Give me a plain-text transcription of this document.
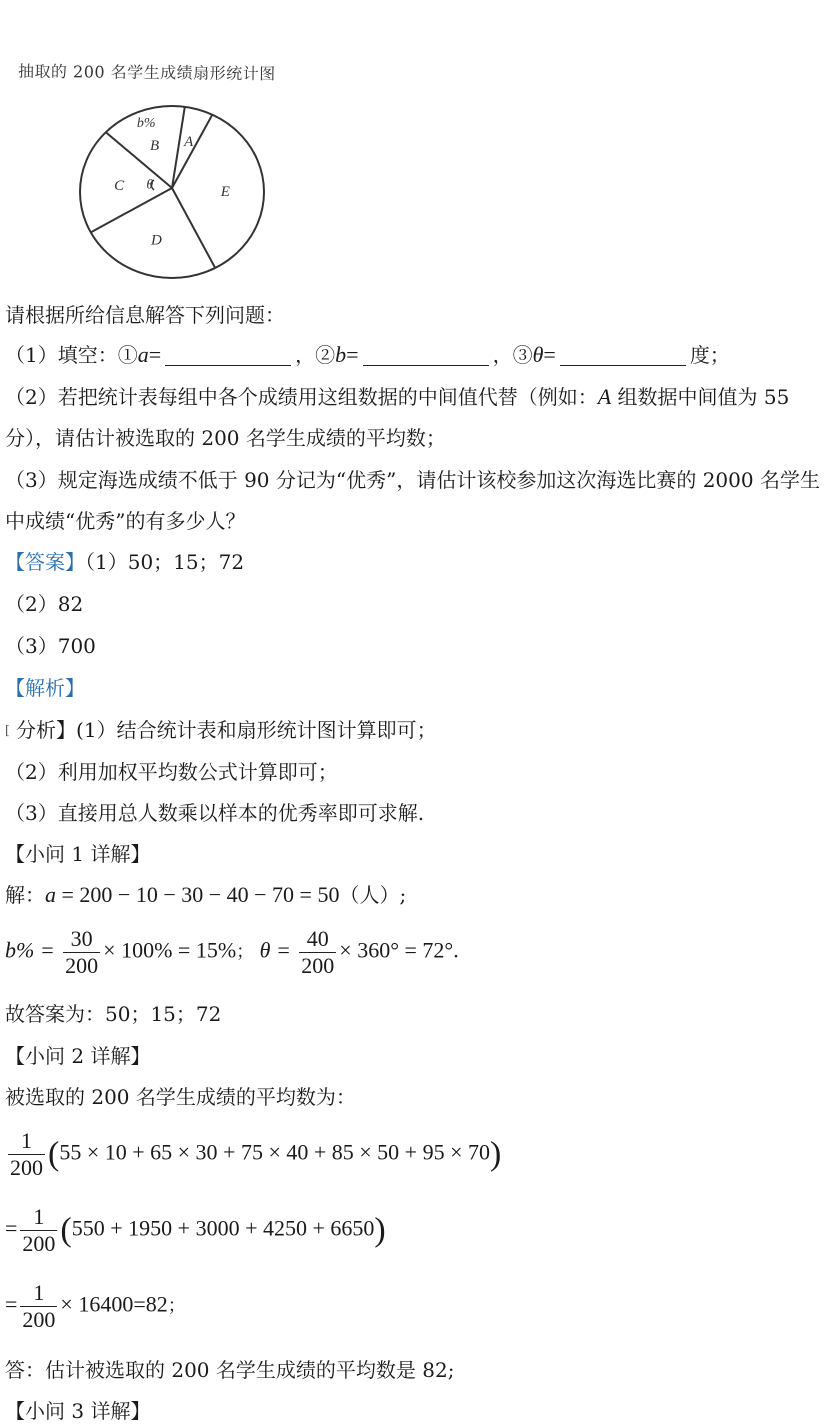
抽取的 200 名学生成绩扇形统计图
A
E
D
C θ
B
b%
请根据所给信息解答下列问题：
（1）填空：①a=	，②b=	，③θ=	度；
（2）若把统计表每组中各个成绩用这组数据的中间值代替（例如：A 组数据中间值为 55
分），请估计被选取的 200 名学生成绩的平均数；
（3）规定海选成绩不低于 90 分记为“优秀”，请估计该校参加这次海选比赛的 2000 名学生
中成绩“优秀”的有多少人？
【答案】（1）50；15；72
（2）82
（3）700
【解析】
[ 分析】(1）结合统计表和扇形统计图计算即可；
（2）利用加权平均数公式计算即可；
（3）直接用总人数乘以样本的优秀率即可求解.
【小问 1 详解】
解：a = 200 − 10 − 30 − 40 − 70 = 50（人）;
$b\% = \frac{30}{200} \times 100\% = 15\%$； $\theta = \frac{40}{200} \times 360^\circ = 72^\circ$.
故答案为：50；15；72
【小问 2 详解】
被选取的 200 名学生成绩的平均数为：
$\frac{1}{200} (55 \times 10 + 65 \times 30 + 75 \times 40 + 85 \times 50 + 95 \times 70)$
= $\frac{1}{200} (550 + 1950 + 3000 + 4250 + 6650)$
= $\frac{1}{200} \times 16400=82$；
答：估计被选取的 200 名学生成绩的平均数是 82;
【小问 3 详解】
